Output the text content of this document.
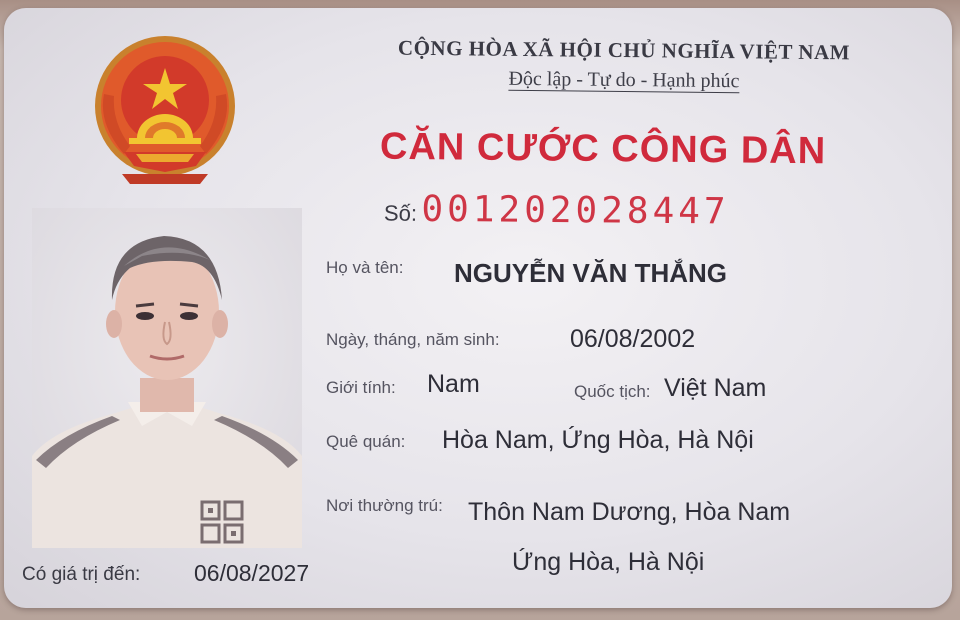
CỘNG HÒA XÃ HỘI CHỦ NGHĨA VIỆT NAM
Độc lập - Tự do - Hạnh phúc
CĂN CƯỚC CÔNG DÂN
Số: 001202028447
Họ và tên: NGUYỄN VĂN THẮNG
Ngày, tháng, năm sinh:	06/08/2002
Giới tính: Nam	Quốc tịch: Việt Nam
Quê quán: Hòa Nam, Ứng Hòa, Hà Nội
Nơi thường trú: Thôn Nam Dương, Hòa Nam
Ứng Hòa, Hà Nội
Có giá trị đến: 06/08/2027
